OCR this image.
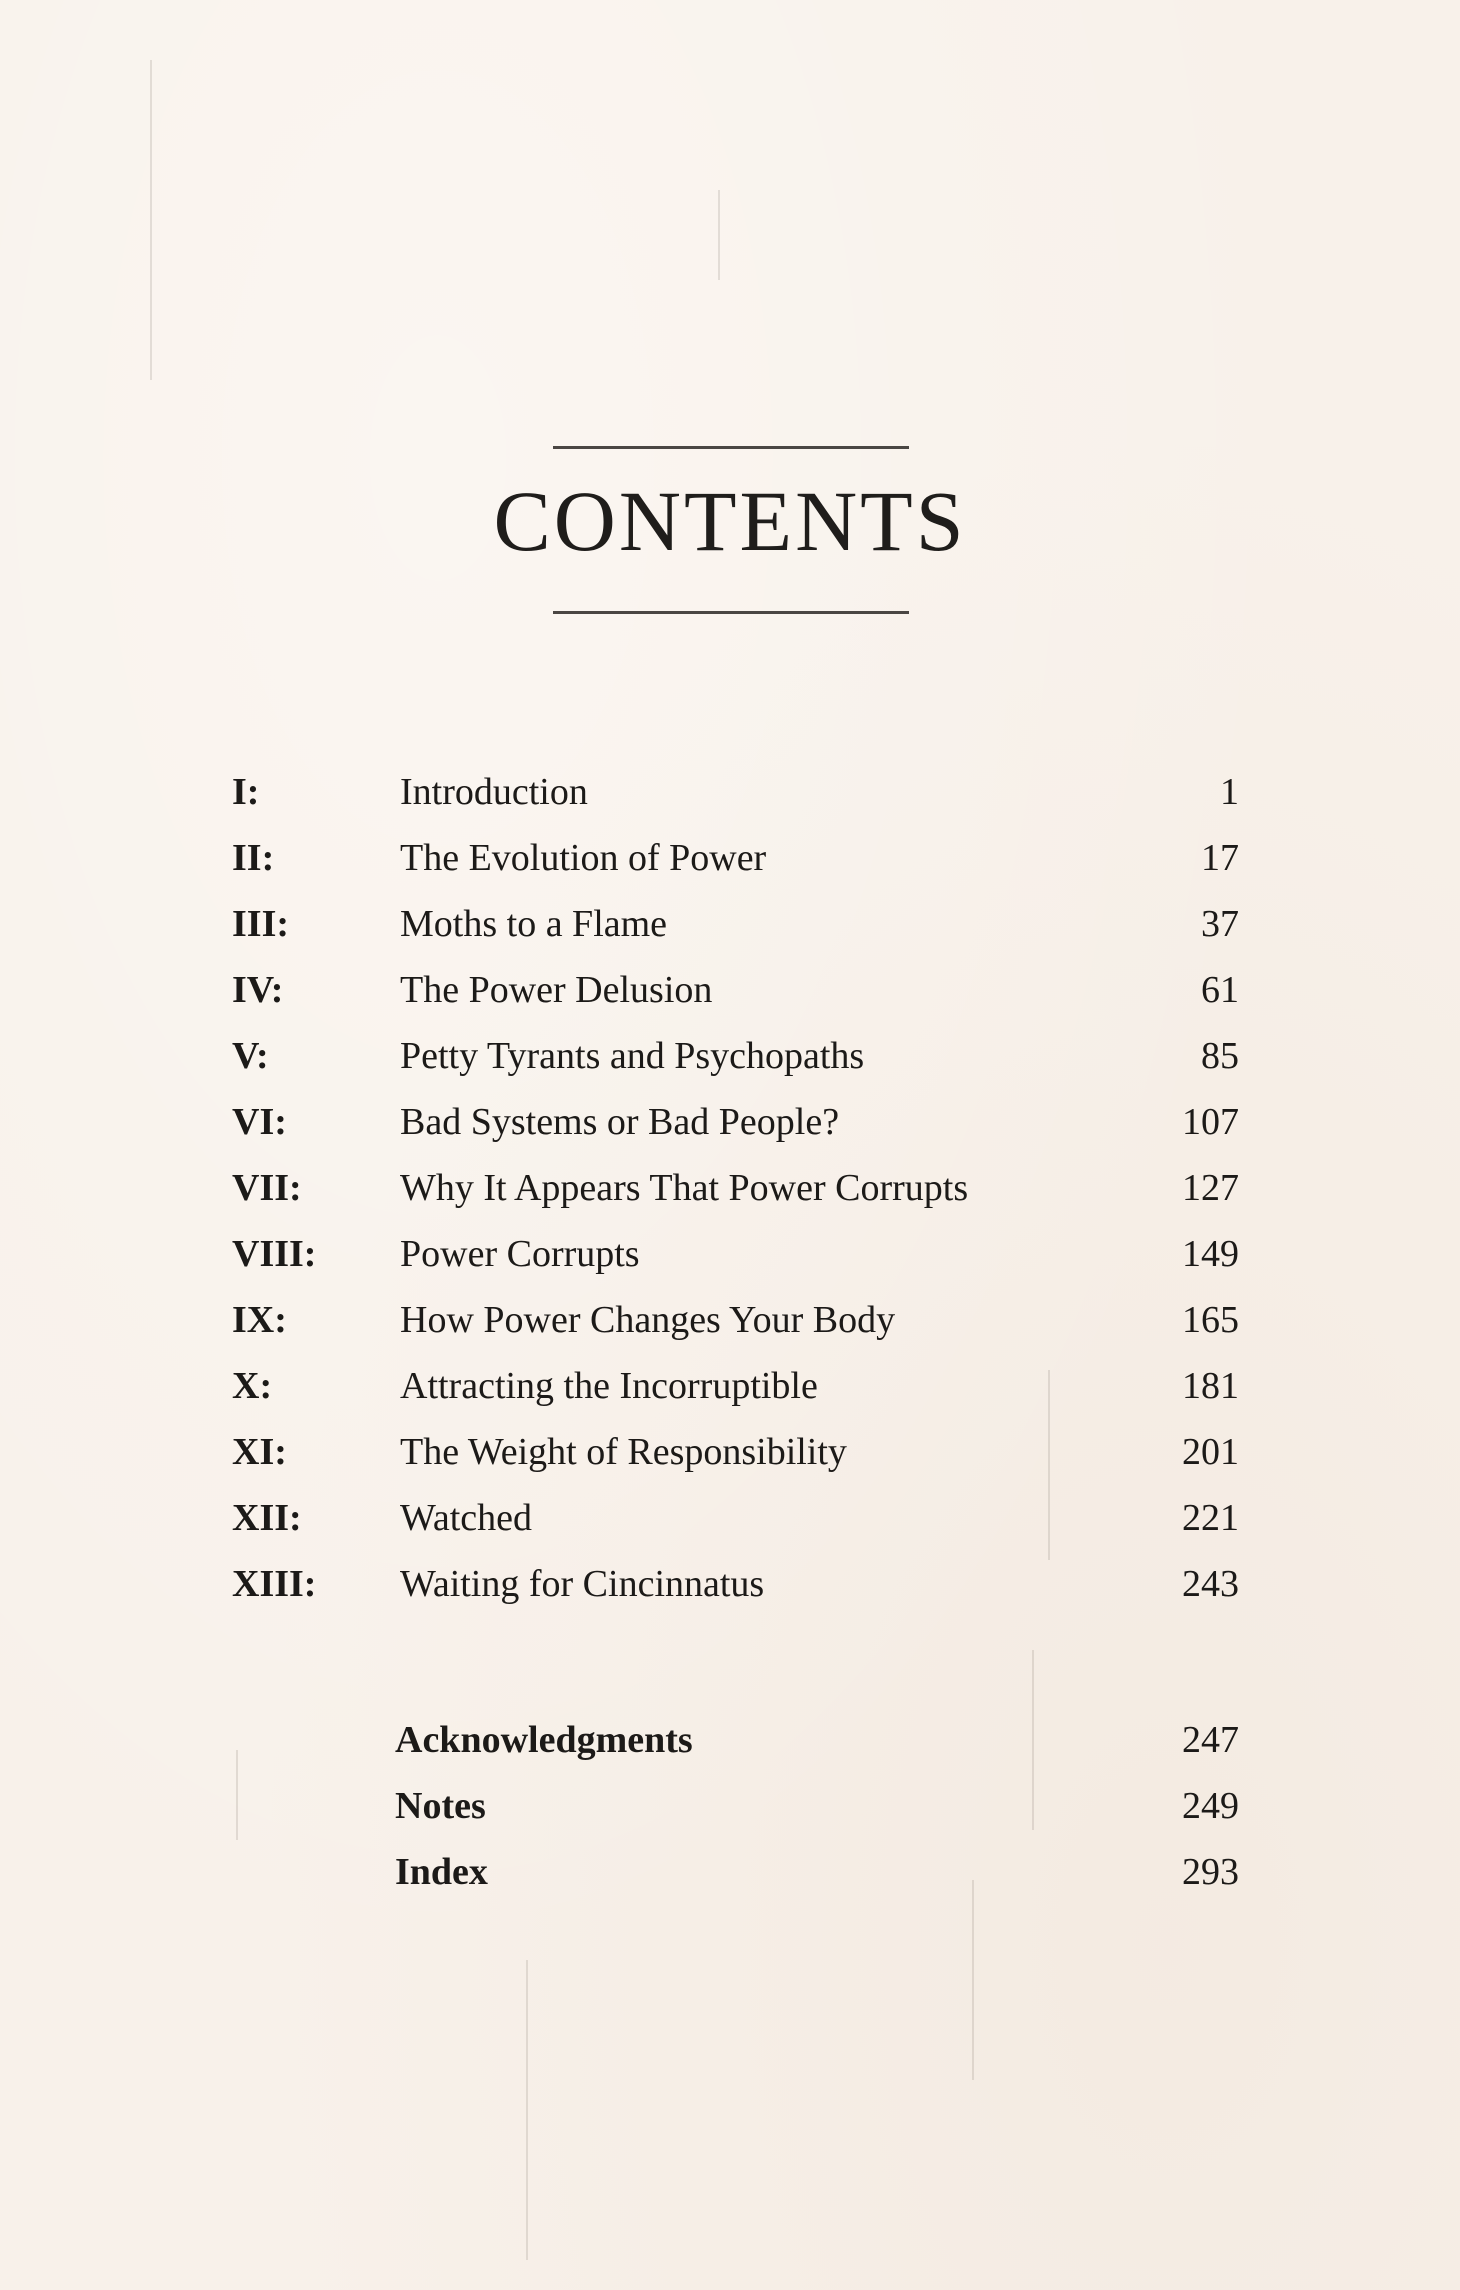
CONTENTS
I:	Introduction	1
II:	The Evolution of Power	17
III:	Moths to a Flame	37
IV:	The Power Delusion	61
V:	Petty Tyrants and Psychopaths	85
VI:	Bad Systems or Bad People?	107
VII:	Why It Appears That Power Corrupts	127
VIII: Power Corrupts	149
IX:	How Power Changes Your Body	165
X:	Attracting the Incorruptible	181
XI:	The Weight of Responsibility	201
XII:	Watched	221
XIII: Waiting for Cincinnatus	243
Acknowledgments	247
Notes	249
Index	293
